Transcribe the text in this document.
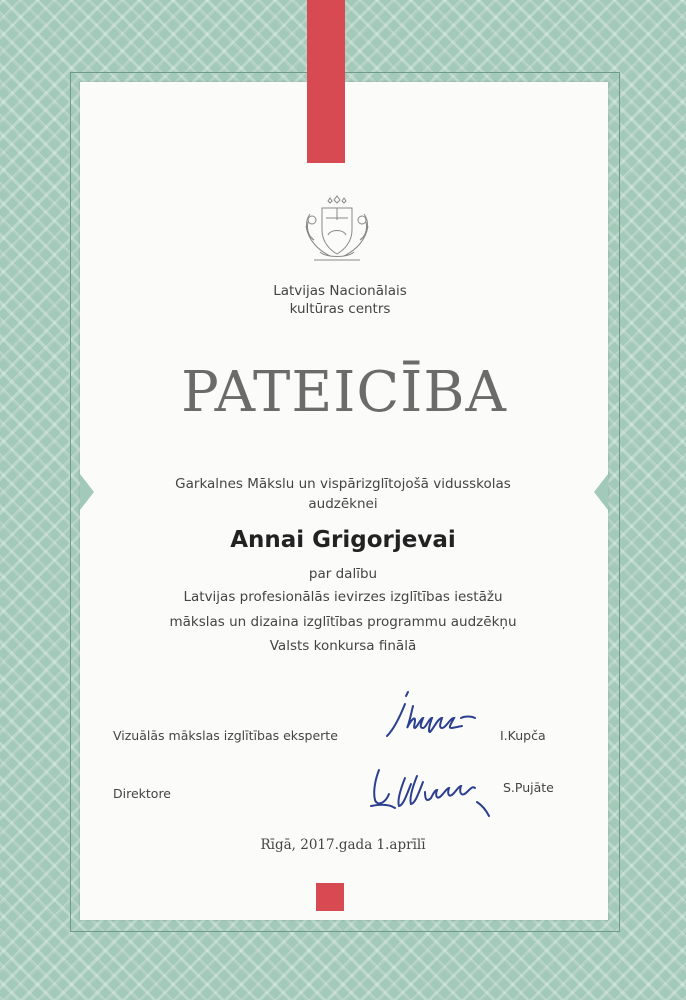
Latvijas Nacionālais
kultūras centrs
PATEICĪBA
Garkalnes Mākslu un vispārizglītojošā vidusskolas
audzēknei
Annai Grigorjevai
par dalību
Latvijas profesionālās ievirzes izglītības iestāžu
mākslas un dizaina izglītības programmu audzēkņu
Valsts konkursa finālā
Vizuālās mākslas izglītības eksperte	I.Kupča
Direktore	S.Pujāte
Rīgā, 2017.gada 1.aprīlī
